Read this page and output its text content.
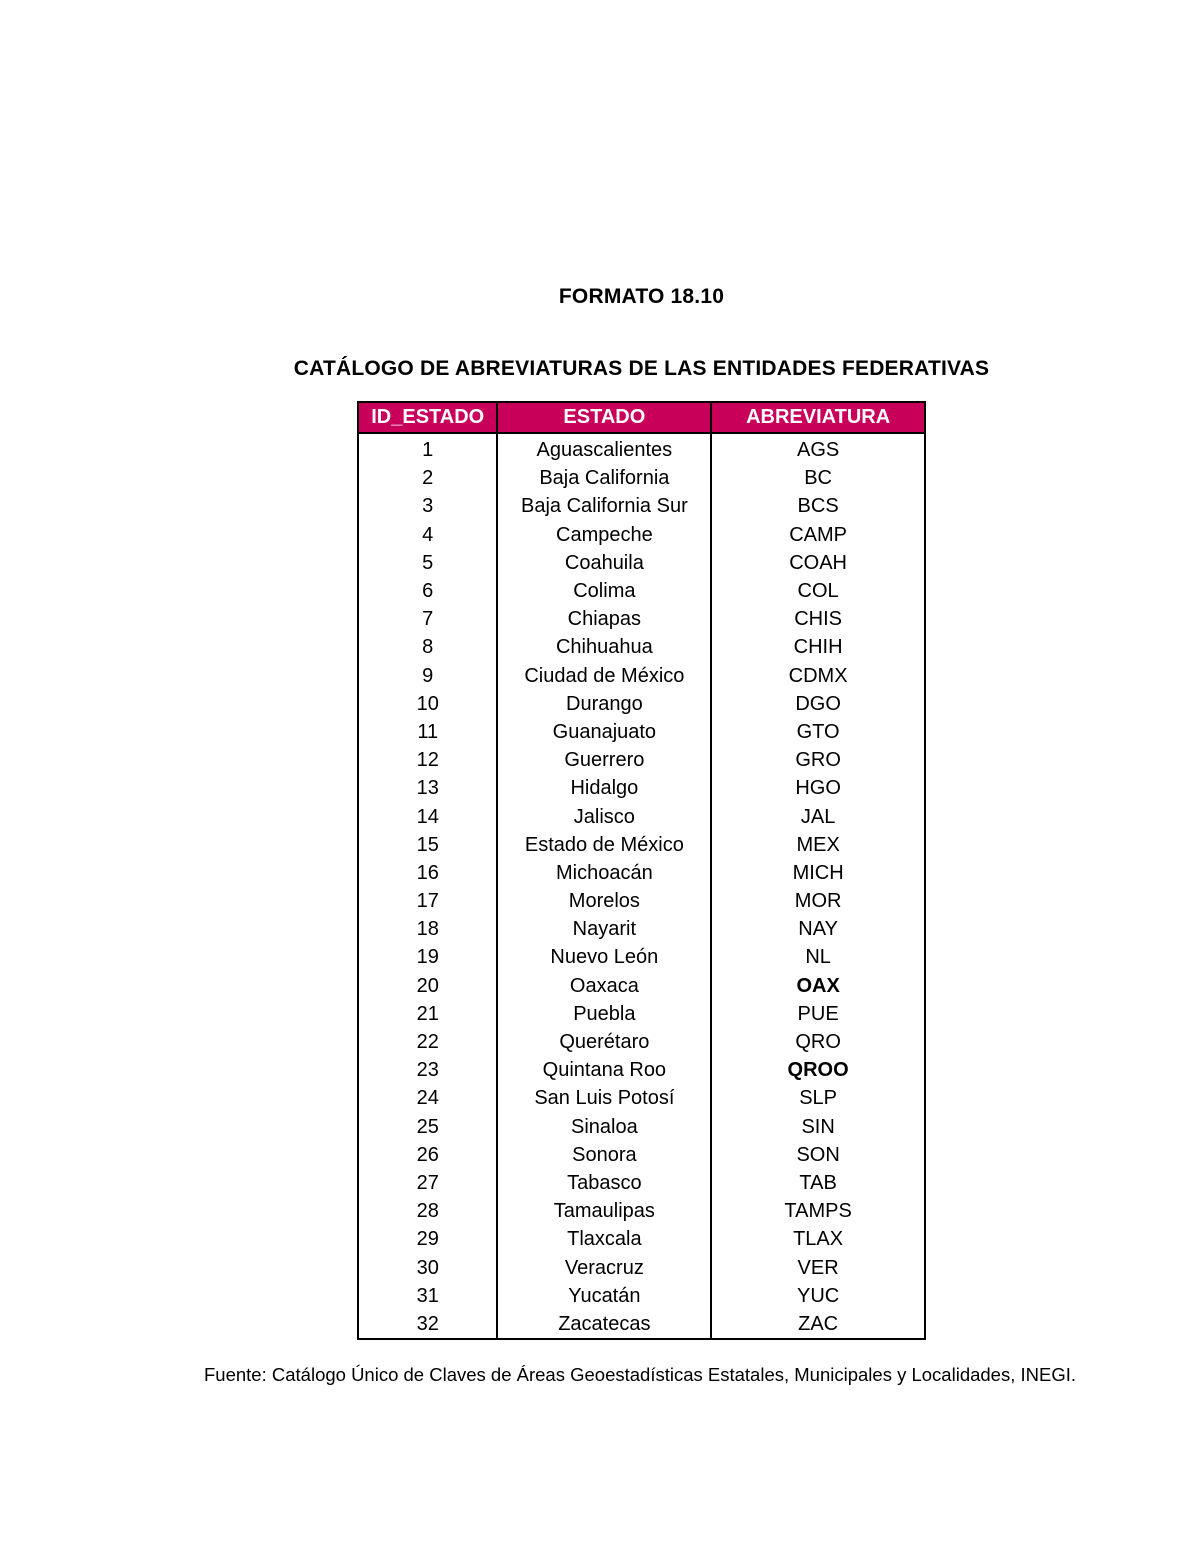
FORMATO 18.10
CATÁLOGO DE ABREVIATURAS DE LAS ENTIDADES FEDERATIVAS
ID_ESTADO	ESTADO	ABREVIATURA
1	Aguascalientes	AGS
2	Baja California	BC
3	Baja California Sur	BCS
4	Campeche	CAMP
5	Coahuila	COAH
6	Colima	COL
7	Chiapas	CHIS
8	Chihuahua	CHIH
9	Ciudad de México	CDMX
10	Durango	DGO
11	Guanajuato	GTO
12	Guerrero	GRO
13	Hidalgo	HGO
14	Jalisco	JAL
15	Estado de México	MEX
16	Michoacán	MICH
17	Morelos	MOR
18	Nayarit	NAY
19	Nuevo León	NL
20	Oaxaca	OAX
21	Puebla	PUE
22	Querétaro	QRO
23	Quintana Roo	QROO
24	San Luis Potosí	SLP
25	Sinaloa	SIN
26	Sonora	SON
27	Tabasco	TAB
28	Tamaulipas	TAMPS
29	Tlaxcala	TLAX
30	Veracruz	VER
31	Yucatán	YUC
32	Zacatecas	ZAC
Fuente: Catálogo Único de Claves de Áreas Geoestadísticas Estatales, Municipales y Localidades, INEGI.
